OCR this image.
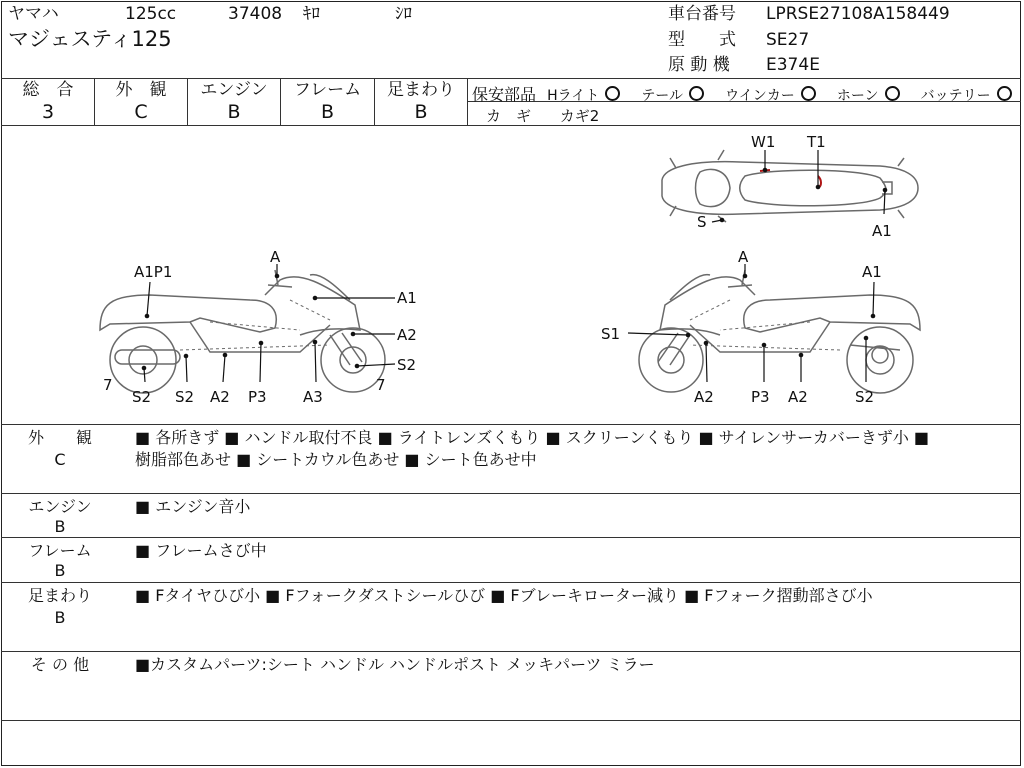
ヤマハ	125cc	37408 ｷﾛ	ｼﾛ
マジェスティ125
車台番号 LPRSE27108A158449
型　　式 SE27
原 動 機 E374E
総　合
3
外　観
C
エンジン
B
フレーム
B
足まわり
B
保安部品 Hライト	テール	ウインカー	ホーン	バッテリー
カ　ギ カギ2
W1 T1
S	A1
A1P1
A
A1
A2
S2
7	7
S2 S2 A2 P3 A3
A
A1
S1
A2 P3 A2	S2
外　　観
C
■ 各所きず ■ ハンドル取付不良 ■ ライトレンズくもり ■ スクリーンくもり ■ サイレンサーカバーきず小 ■
樹脂部色あせ ■ シートカウル色あせ ■ シート色あせ中
エンジン
B
■ エンジン音小
フレーム
B
■ フレームさび中
足まわり
B
■ Fタイヤひび小 ■ Fフォークダストシールひび ■ Fブレーキローター減り ■ Fフォーク摺動部さび小
そ の 他	■カスタムパーツ:シート ハンドル ハンドルポスト メッキパーツ ミラー
